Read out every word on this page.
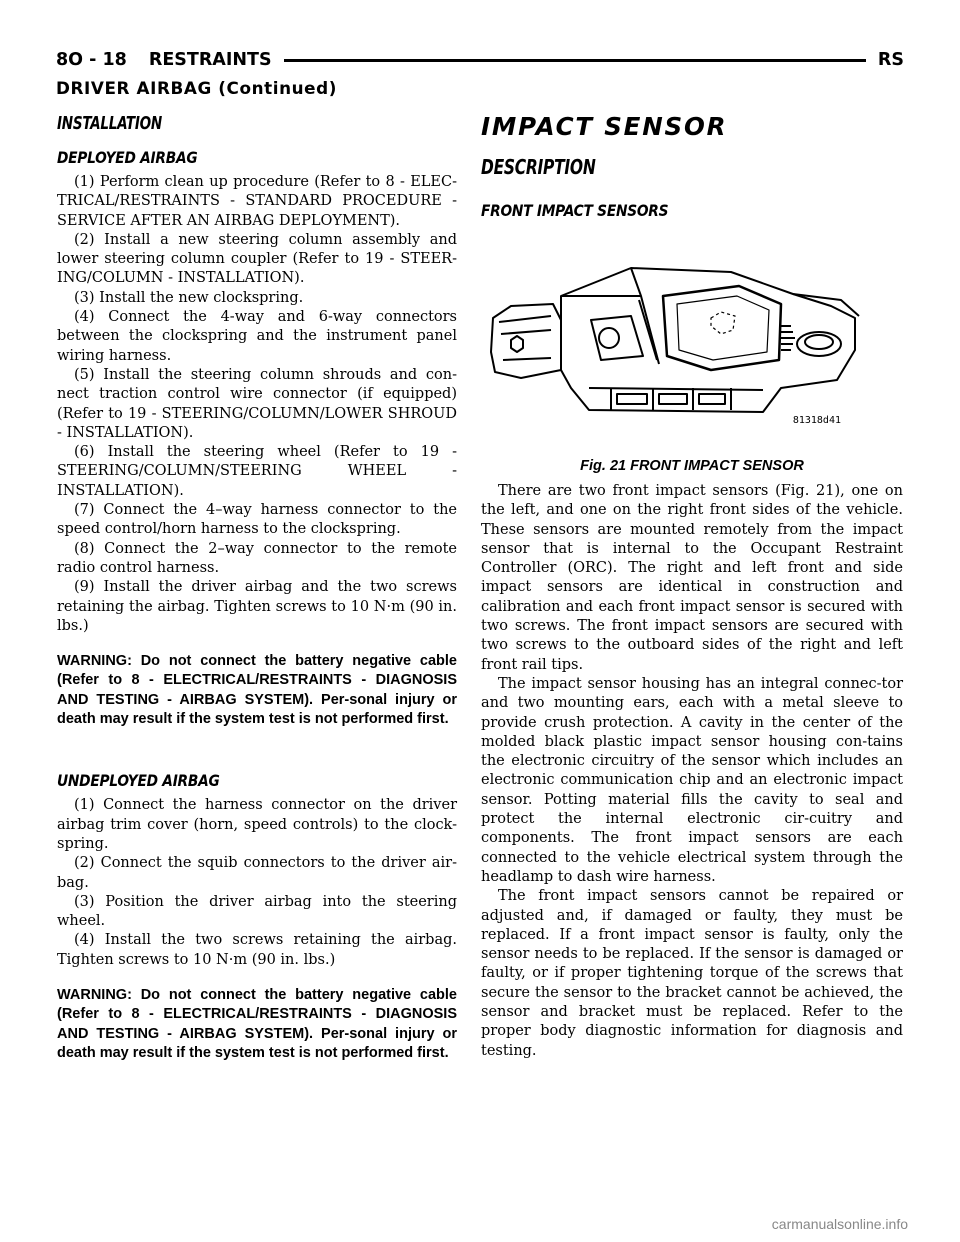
8O - 18 RESTRAINTS	RS
DRIVER AIRBAG (Continued)
INSTALLATION
DEPLOYED AIRBAG

(1) Perform clean up procedure (Refer to 8 - ELEC-TRICAL/RESTRAINTS - STANDARD PROCEDURE - SERVICE AFTER AN AIRBAG DEPLOYMENT).

(2) Install a new steering column assembly and lower steering column coupler (Refer to 19 - STEER-ING/COLUMN - INSTALLATION).

(3) Install the new clockspring.

(4) Connect the 4-way and 6-way connectors between the clockspring and the instrument panel wiring harness.

(5) Install the steering column shrouds and con-nect traction control wire connector (if equipped) (Refer to 19 - STEERING/COLUMN/LOWER SHROUD - INSTALLATION).

(6) Install the steering wheel (Refer to 19 - STEERING/COLUMN/STEERING WHEEL - INSTALLATION).

(7) Connect the 4–way harness connector to the speed control/horn harness to the clockspring.

(8) Connect the 2–way connector to the remote radio control harness.

(9) Install the driver airbag and the two screws retaining the airbag. Tighten screws to 10 N·m (90 in. lbs.)

WARNING: Do not connect the battery negative cable (Refer to 8 - ELECTRICAL/RESTRAINTS - DIAGNOSIS AND TESTING - AIRBAG SYSTEM). Per-sonal injury or death may result if the system test is not performed first.
UNDEPLOYED AIRBAG

(1) Connect the harness connector on the driver airbag trim cover (horn, speed controls) to the clock-spring.

(2) Connect the squib connectors to the driver air-bag.

(3) Position the driver airbag into the steering wheel.

(4) Install the two screws retaining the airbag. Tighten screws to 10 N·m (90 in. lbs.)

WARNING: Do not connect the battery negative cable (Refer to 8 - ELECTRICAL/RESTRAINTS - DIAGNOSIS AND TESTING - AIRBAG SYSTEM). Per-sonal injury or death may result if the system test is not performed first.
IMPACT SENSOR
DESCRIPTION
FRONT IMPACT SENSORS
81318d41
Fig. 21 FRONT IMPACT SENSOR

There are two front impact sensors (Fig. 21), one on the left, and one on the right front sides of the vehicle. These sensors are mounted remotely from the impact sensor that is internal to the Occupant Restraint Controller (ORC). The right and left front and side impact sensors are identical in construction and calibration and each front impact sensor is secured with two screws. The front impact sensors are secured with two screws to the outboard sides of the right and left front rail tips.

The impact sensor housing has an integral connec-tor and two mounting ears, each with a metal sleeve to provide crush protection. A cavity in the center of the molded black plastic impact sensor housing con-tains the electronic circuitry of the sensor which includes an electronic communication chip and an electronic impact sensor. Potting material fills the cavity to seal and protect the internal electronic cir-cuitry and components. The front impact sensors are each connected to the vehicle electrical system through the headlamp to dash wire harness.

The front impact sensors cannot be repaired or adjusted and, if damaged or faulty, they must be replaced. If a front impact sensor is faulty, only the sensor needs to be replaced. If the sensor is damaged or faulty, or if proper tightening torque of the screws that secure the sensor to the bracket cannot be achieved, the sensor and bracket must be replaced. Refer to the proper body diagnostic information for diagnosis and testing.

carmanualsonline.info
